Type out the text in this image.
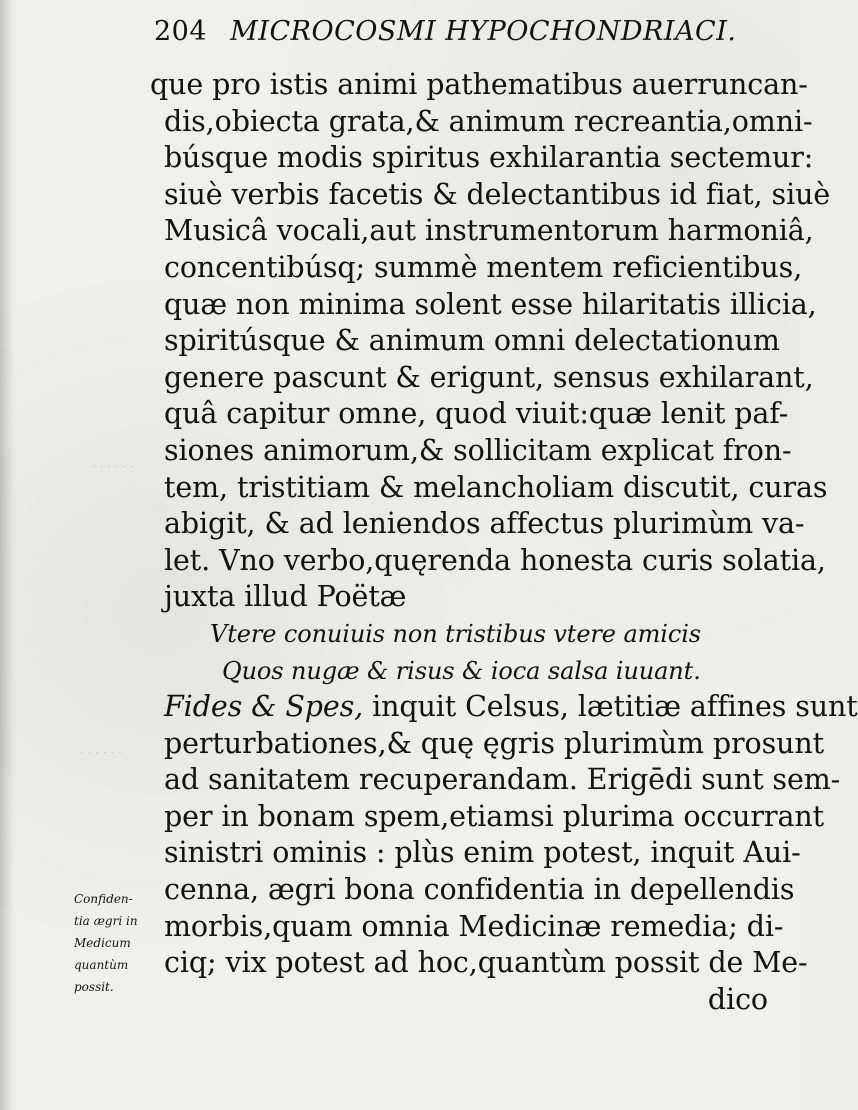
· · · · · ·
· · · · · ·
204 MICROCOSMI HYPOCHONDRIACI.
que pro istis animi pathematibus auerruncan-
dis,obiecta grata,& animum recreantia,omni-
búsque modis spiritus exhilarantia sectemur:
siuè verbis facetis & delectantibus id fiat, siuè
Musicâ vocali,aut instrumentorum harmoniâ,
concentibúsq; summè mentem reficientibus,
quæ non minima solent esse hilaritatis illicia,
spiritúsque & animum omni delectationum
genere pascunt & erigunt, sensus exhilarant,
quâ capitur omne, quod viuit:quæ lenit paf-
siones animorum,& sollicitam explicat fron-
tem, tristitiam & melancholiam discutit, curas
abigit, & ad leniendos affectus plurimùm va-
let. Vno verbo,quęrenda honesta curis solatia,
juxta illud Poëtæ
Vtere conuiuis non tristibus vtere amicis
Quos nugæ & risus & ioca salsa iuuant.
Fides & Spes, inquit Celsus, lætitiæ affines sunt
perturbationes,& quę ęgris plurimùm prosunt
ad sanitatem recuperandam. Erigēdi sunt sem-
per in bonam spem,etiamsi plurima occurrant
sinistri ominis : plùs enim potest, inquit Aui-
cenna, ægri bona confidentia in depellendis
morbis,quam omnia Medicinæ remedia; di-
ciq; vix potest ad hoc,quantùm possit de Me-
dico
Confiden-
tia ægri in
Medicum
quantùm
possit.
